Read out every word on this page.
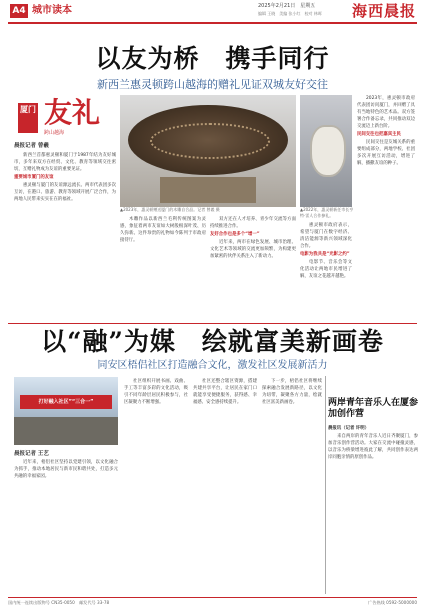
A4 城市读本	2025年2月21日　星期五
编辑 王晓　美编 张小红　校对 林晖 海西晨报
以友为桥　携手同行
新西兰惠灵顿跨山越海的赠礼见证双城友好交往
▲2023年，惠灵顿赠送厦门的木雕自合品。记者 曾羲 摄
厦门 友礼
跨山越海
晨报记者 曾羲

新西兰首都惠灵顿和厦门于1987年结为友好城市，多年来双方在经贸、文化、教育等领域交往密切，互赠礼物成为友谊的重要见证。

重要城市厦门的友谊

惠灵顿与厦门的友谊源远流长。两市代表团多次互访，在港口、旅游、教育等领域开展广泛合作，为两地人民带来实实在在的福祉。

木雕作品以新西兰毛利传统图案为灵感，象征着两市友谊如大树般根深叶茂、历久弥新。这件珍贵的礼物如今陈列于市政府接待厅。

双方还在人才培养、青少年交流等方面持续推进合作。

友好合作也是多个“增一”

近年来，两市在绿色发展、城市治理、文化艺术等领域的交流更加频繁，为构建更加紧密的伙伴关系注入了新动力。

▲2022年，惠灵顿新任市长亨特·雷人合作参礼。

惠灵顿市政府表示，希望与厦门在数字经济、清洁能源等新兴领域深化合作。

电影为我共是“光影之约”

电影节、音乐会等文化活动让两地市民增进了解，友谊之花越开越艳。

2023年，惠灵顿市政府代表团访问厦门，并回赠了具有当地特色的艺术品。双方签署合作备忘录，共同推动双边交流迈上新台阶。

民间交往也把嘉宾主民

民间交往是友城关系的重要组成部分，两地学校、社团多次开展互访活动，增进了解，播撒友谊的种子。

以“融”为媒　绘就富美新画卷
同安区梧侣社区打造融合文化，激发社区发展新活力
打好融入社区”“三合一”
晨报记者 王艺

近年来，梧侣社区坚持以党建引领，以文化融合为抓手，推动本地居民与新市民和谐共处，打造多元共融的幸福家园。

社区组织开展书画、戏曲、手工等丰富多彩的文化活动，吸引不同年龄层居民积极参与，社区凝聚力不断增强。

社区还整合辖区资源，搭建共建共享平台，让居民在家门口就能享受便捷服务，获得感、幸福感、安全感持续提升。

下一步，梧侣社区将继续探索融合发展新路径，以文化为纽带，凝聚各方力量，绘就社区富美新画卷。	两岸青年音乐人在厦参加创作营

晨报讯（记者 许明）

来自两岸的青年音乐人近日齐聚厦门，参加音乐创作营活动。大家在交流中碰撞灵感，以音乐为桥梁增进彼此了解，共同创作表达两岸同胞亲情的原创作品。

国内统一连续出版物号 CN35-0050　邮发代号 33-78	广告热线 0592-5000000
